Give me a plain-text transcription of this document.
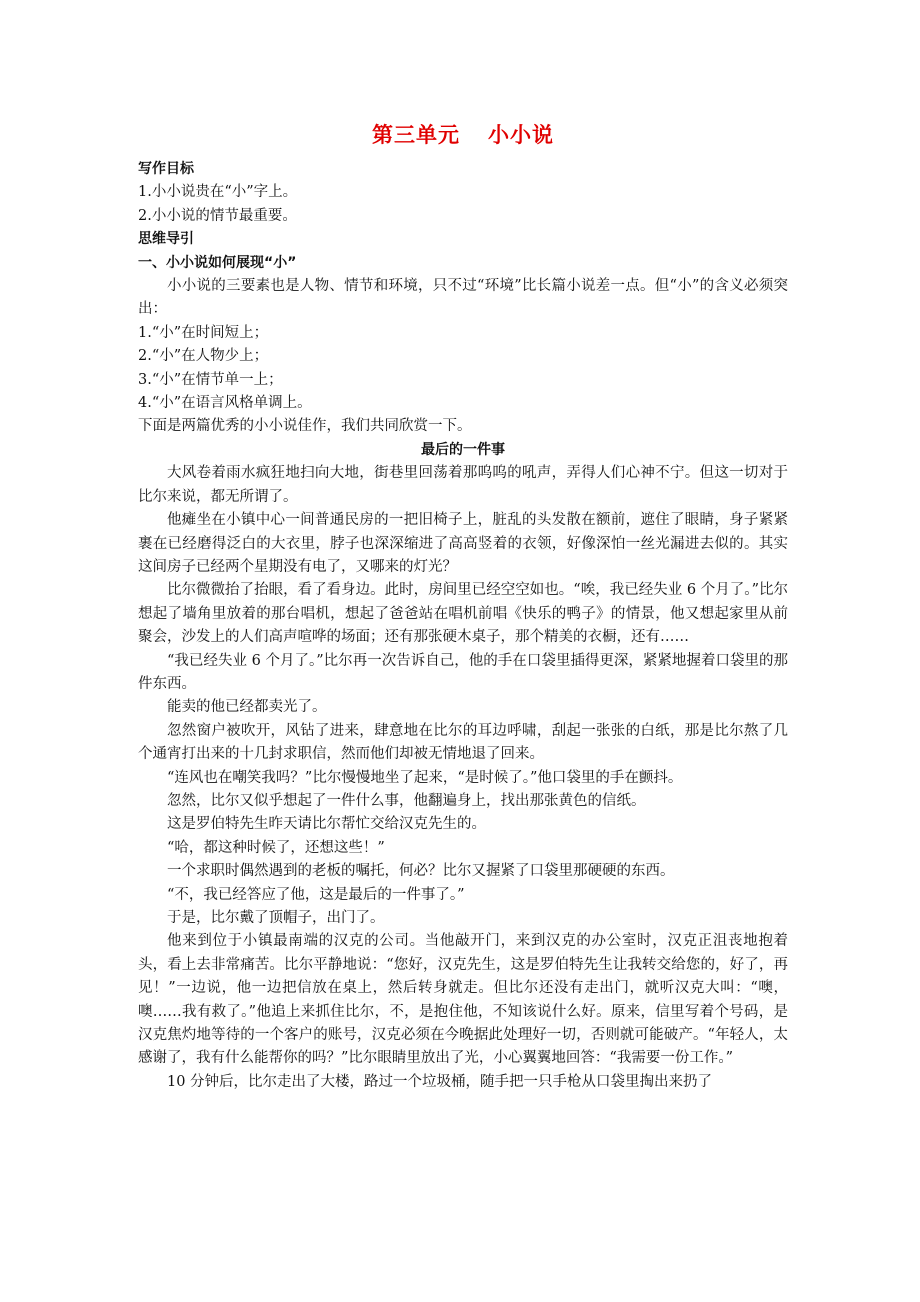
第三单元 小小说

写作目标

1.小小说贵在“小”字上。

2.小小说的情节最重要。

思维导引

一、小小说如何展现“小”

小小说的三要素也是人物、情节和环境，只不过“环境”比长篇小说差一点。但“小”的含义必须突出：

1.“小”在时间短上；

2.“小”在人物少上；

3.“小”在情节单一上；

4.“小”在语言风格单调上。

下面是两篇优秀的小小说佳作，我们共同欣赏一下。

最后的一件事

大风卷着雨水疯狂地扫向大地，街巷里回荡着那呜呜的吼声，弄得人们心神不宁。但这一切对于比尔来说，都无所谓了。

他瘫坐在小镇中心一间普通民房的一把旧椅子上，脏乱的头发散在额前，遮住了眼睛，身子紧紧裹在已经磨得泛白的大衣里，脖子也深深缩进了高高竖着的衣领，好像深怕一丝光漏进去似的。其实这间房子已经两个星期没有电了，又哪来的灯光？

比尔微微抬了抬眼，看了看身边。此时，房间里已经空空如也。“唉，我已经失业 6 个月了。”比尔想起了墙角里放着的那台唱机，想起了爸爸站在唱机前唱《快乐的鸭子》的情景，他又想起家里从前聚会，沙发上的人们高声喧哗的场面；还有那张硬木桌子，那个精美的衣橱，还有……

“我已经失业 6 个月了。”比尔再一次告诉自己，他的手在口袋里插得更深，紧紧地握着口袋里的那件东西。

能卖的他已经都卖光了。

忽然窗户被吹开，风钻了进来，肆意地在比尔的耳边呼啸，刮起一张张的白纸，那是比尔熬了几个通宵打出来的十几封求职信，然而他们却被无情地退了回来。

“连风也在嘲笑我吗？”比尔慢慢地坐了起来，“是时候了。”他口袋里的手在颤抖。

忽然，比尔又似乎想起了一件什么事，他翻遍身上，找出那张黄色的信纸。

这是罗伯特先生昨天请比尔帮忙交给汉克先生的。

“哈，都这种时候了，还想这些！”

一个求职时偶然遇到的老板的嘱托，何必？比尔又握紧了口袋里那硬硬的东西。

“不，我已经答应了他，这是最后的一件事了。”

于是，比尔戴了顶帽子，出门了。

他来到位于小镇最南端的汉克的公司。当他敲开门，来到汉克的办公室时，汉克正沮丧地抱着头，看上去非常痛苦。比尔平静地说：“您好，汉克先生，这是罗伯特先生让我转交给您的，好了，再见！”一边说，他一边把信放在桌上，然后转身就走。但比尔还没有走出门，就听汉克大叫：“噢，噢……我有救了。”他追上来抓住比尔，不，是抱住他，不知该说什么好。原来，信里写着个号码，是汉克焦灼地等待的一个客户的账号，汉克必须在今晚据此处理好一切，否则就可能破产。“年轻人，太感谢了，我有什么能帮你的吗？”比尔眼睛里放出了光，小心翼翼地回答：“我需要一份工作。”

10 分钟后，比尔走出了大楼，路过一个垃圾桶，随手把一只手枪从口袋里掏出来扔了
